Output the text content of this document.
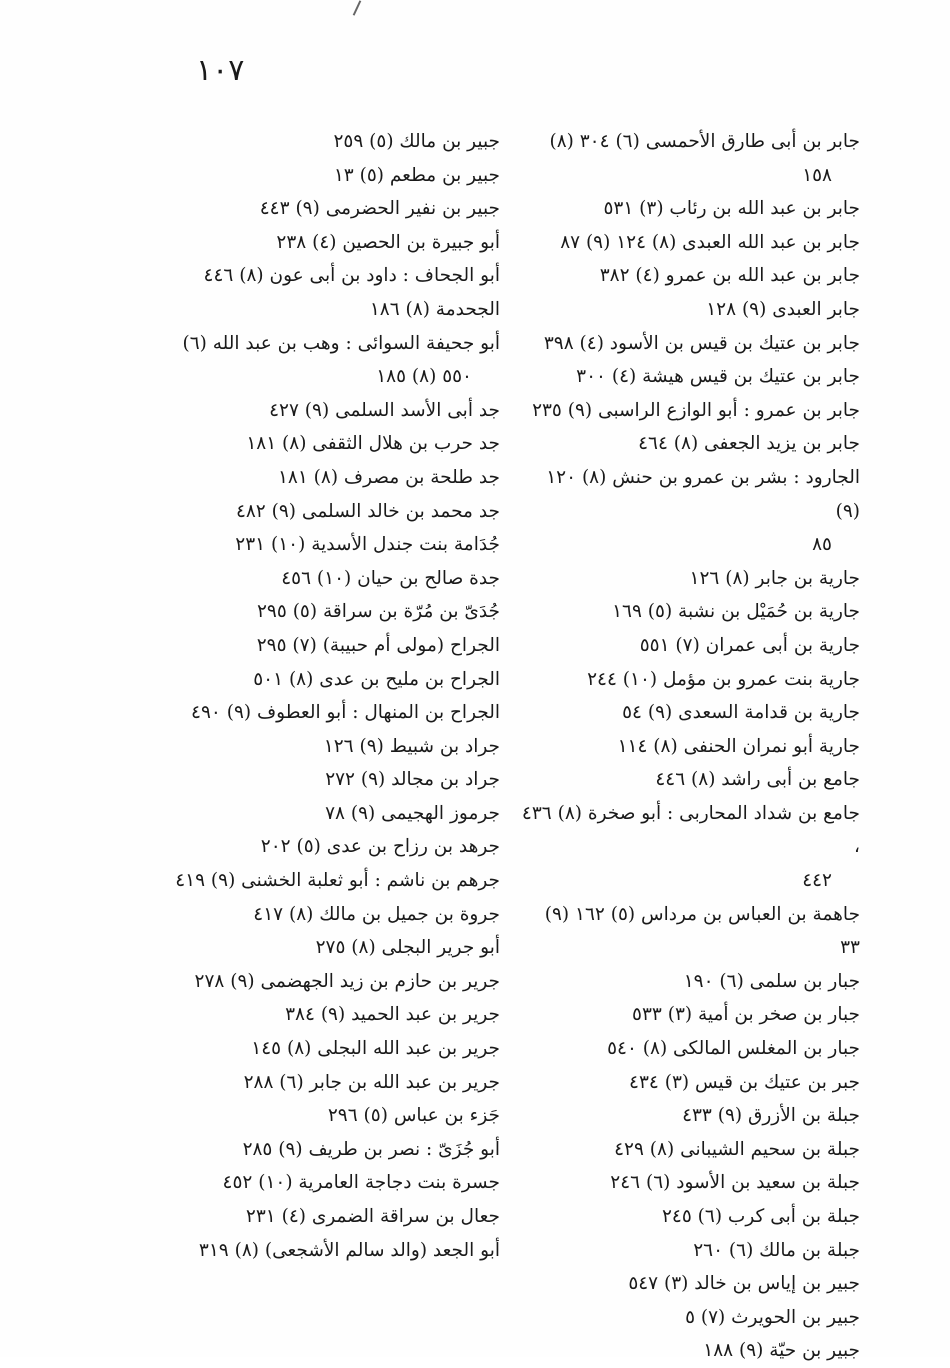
١٠٧
جابر بن أبى طارق الأحمسى (٦) ٣٠٤ (٨)
١٥٨
جابر بن عبد الله بن رئاب (٣) ٥٣١
جابر بن عبد الله العبدى (٨) ١٢٤ (٩) ٨٧
جابر بن عبد الله بن عمرو (٤) ٣٨٢
جابر العبدى (٩) ١٢٨
جابر بن عتيك بن قيس بن الأسود (٤) ٣٩٨
جابر بن عتيك بن قيس هيشة (٤) ٣٠٠
جابر بن عمرو : أبو الوازع الراسبى (٩) ٢٣٥
جابر بن يزيد الجعفى (٨) ٤٦٤
الجارود : بشر بن عمرو بن حنش (٨) ١٢٠ (٩)
٨٥
جارية بن جابر (٨) ١٢٦
جارية بن حُمَيْل بن نشبة (٥) ١٦٩
جارية بن أبى عمران (٧) ٥٥١
جارية بنت عمرو بن مؤمل (١٠) ٢٤٤
جارية بن قدامة السعدى (٩) ٥٤
جارية أبو نمران الحنفى (٨) ١١٤
جامع بن أبى راشد (٨) ٤٤٦
جامع بن شداد المحاربى : أبو صخرة (٨) ٤٣٦ ،
٤٤٢
جاهمة بن العباس بن مرداس (٥) ١٦٢ (٩) ٣٣
جبار بن سلمى (٦) ١٩٠
جبار بن صخر بن أمية (٣) ٥٣٣
جبار بن المغلس المالكى (٨) ٥٤٠
جبر بن عتيك بن قيس (٣) ٤٣٤
جبلة بن الأزرق (٩) ٤٣٣
جبلة بن سحيم الشيبانى (٨) ٤٢٩
جبلة بن سعيد بن الأسود (٦) ٢٤٦
جبلة بن أبى كرب (٦) ٢٤٥
جبلة بن مالك (٦) ٢٦٠
جبير بن إياس بن خالد (٣) ٥٤٧
جبير بن الحويرث (٧) ٥
جبير بن حيّة (٩) ١٨٨
جبير بن مالك (٥) ٢٥٩
جبير بن مطعم (٥) ١٣
جبير بن نفير الحضرمى (٩) ٤٤٣
أبو جبيرة بن الحصين (٤) ٢٣٨
أبو الجحاف : داود بن أبى عون (٨) ٤٤٦
الجحدمة (٨) ١٨٦
أبو جحيفة السوائى : وهب بن عبد الله (٦)
٥٥٠ (٨) ١٨٥
جد أبى الأسد السلمى (٩) ٤٢٧
جد حرب بن هلال الثقفى (٨) ١٨١
جد طلحة بن مصرف (٨) ١٨١
جد محمد بن خالد السلمى (٩) ٤٨٢
جُدَامة بنت جندل الأسدية (١٠) ٢٣١
جدة صالح بن حيان (١٠) ٤٥٦
جُدَىّ بن مُرّة بن سراقة (٥) ٢٩٥
الجراح (مولى أم حبيبة) (٧) ٢٩٥
الجراح بن مليح بن عدى (٨) ٥٠١
الجراح بن المنهال : أبو العطوف (٩) ٤٩٠
جراد بن شبيط (٩) ١٢٦
جراد بن مجالد (٩) ٢٧٢
جرموز الهجيمى (٩) ٧٨
جرهد بن رزاح بن عدى (٥) ٢٠٢
جرهم بن ناشم : أبو ثعلبة الخشنى (٩) ٤١٩
جروة بن جميل بن مالك (٨) ٤١٧
أبو جرير البجلى (٨) ٢٧٥
جرير بن حازم بن زيد الجهضمى (٩) ٢٧٨
جرير بن عبد الحميد (٩) ٣٨٤
جرير بن عبد الله البجلى (٨) ١٤٥
جرير بن عبد الله بن جابر (٦) ٢٨٨
جَزء بن عباس (٥) ٢٩٦
أبو جُزَىّ : نصر بن طريف (٩) ٢٨٥
جسرة بنت دجاجة العامرية (١٠) ٤٥٢
جعال بن سراقة الضمرى (٤) ٢٣١
أبو الجعد (والد سالم الأشجعى) (٨) ٣١٩
